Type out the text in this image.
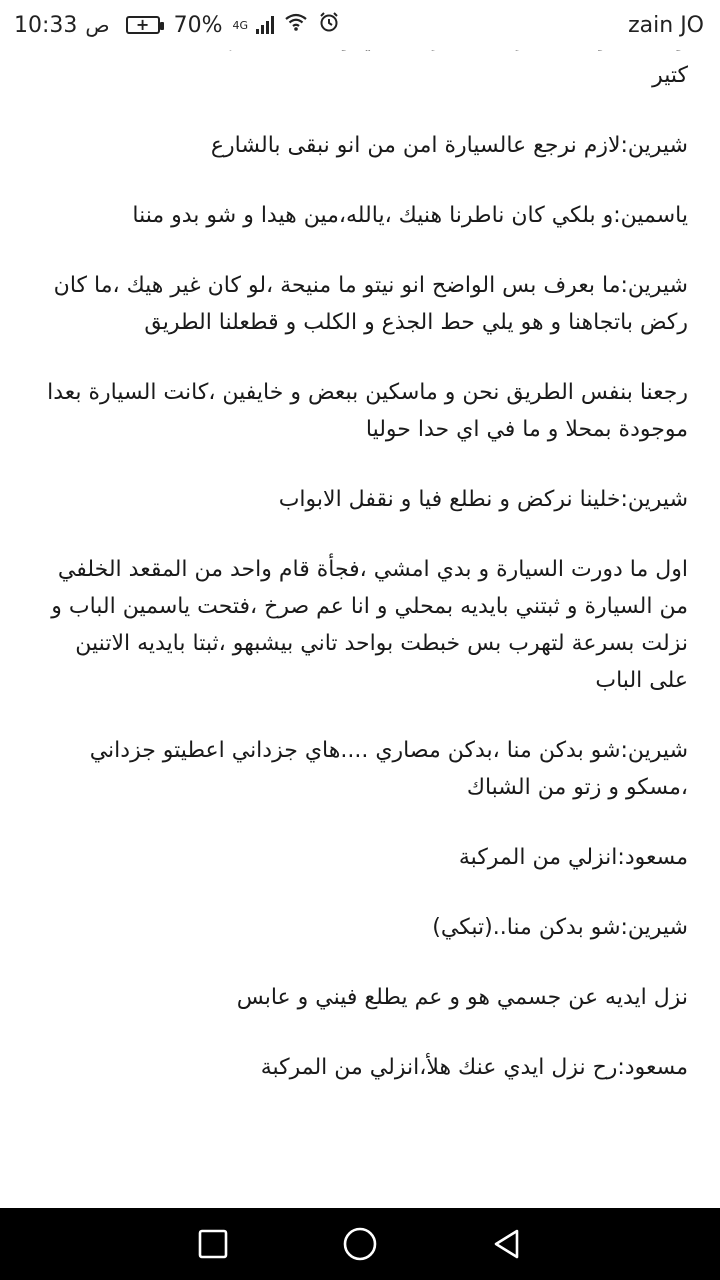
10:33 ص + 70% 4G	zain JO

كتير

شيرين:لازم نرجع عالسيارة امن من انو نبقى بالشارع

ياسمين:و بلكي كان ناطرنا هنيك ،يالله،مين هيدا و شو بدو مننا

شيرين:ما بعرف بس الواضح انو نيتو ما منيحة ،لو كان غير هيك ،ما كان ركض باتجاهنا و هو يلي حط الجذع و الكلب و قطعلنا الطريق

رجعنا بنفس الطريق نحن و ماسكين ببعض و خايفين ،كانت السيارة بعدا موجودة بمحلا و ما في اي حدا حوليا

شيرين:خلينا نركض و نطلع فيا و نقفل الابواب

اول ما دورت السيارة و بدي امشي ،فجأة قام واحد من المقعد الخلفي من السيارة و ثبتني بايديه بمحلي و انا عم صرخ ،فتحت ياسمين الباب و نزلت بسرعة لتهرب بس خبطت بواحد تاني بيشبهو ،ثبتا بايديه الاتنين على الباب

شيرين:شو بدكن منا ،بدكن مصاري ....هاي جزداني اعطيتو جزداني ،مسكو و زتو من الشباك

مسعود:انزلي من المركبة

شيرين:شو بدكن منا..(تبكي)

نزل ايديه عن جسمي هو و عم يطلع فيني و عابس

مسعود:رح نزل ايدي عنك هلأ،انزلي من المركبة
